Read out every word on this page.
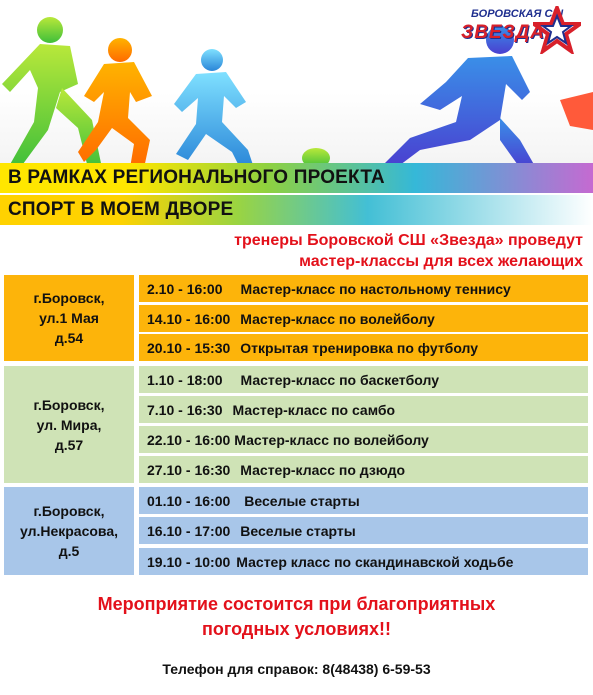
БОРОВСКАЯ СШ
ЗВЕЗДА
В РАМКАХ РЕГИОНАЛЬНОГО ПРОЕКТА
СПОРТ В МОЕМ ДВОРЕ
тренеры Боровской СШ «Звезда» проведут
мастер-классы для всех желающих
г.Боровск,
ул.1 Мая
д.54
2.10 - 16:00 Мастер-класс по настольному теннису
14.10 - 16:00 Мастер-класс по волейболу
20.10 - 15:30 Открытая тренировка по футболу
г.Боровск,
ул. Мира,
д.57
1.10 - 18:00 Мастер-класс по баскетболу
7.10 - 16:30 Мастер-класс по самбо
22.10 - 16:00 Мастер-класс по волейболу
27.10 - 16:30 Мастер-класс по дзюдо
г.Боровск,
ул.Некрасова,
д.5
01.10 - 16:00 Веселые старты
16.10 - 17:00 Веселые старты
19.10 - 10:00 Мастер класс по скандинавской ходьбе
Мероприятие состоится при благоприятных
погодных условиях!!
Телефон для справок: 8(48438) 6-59-53
